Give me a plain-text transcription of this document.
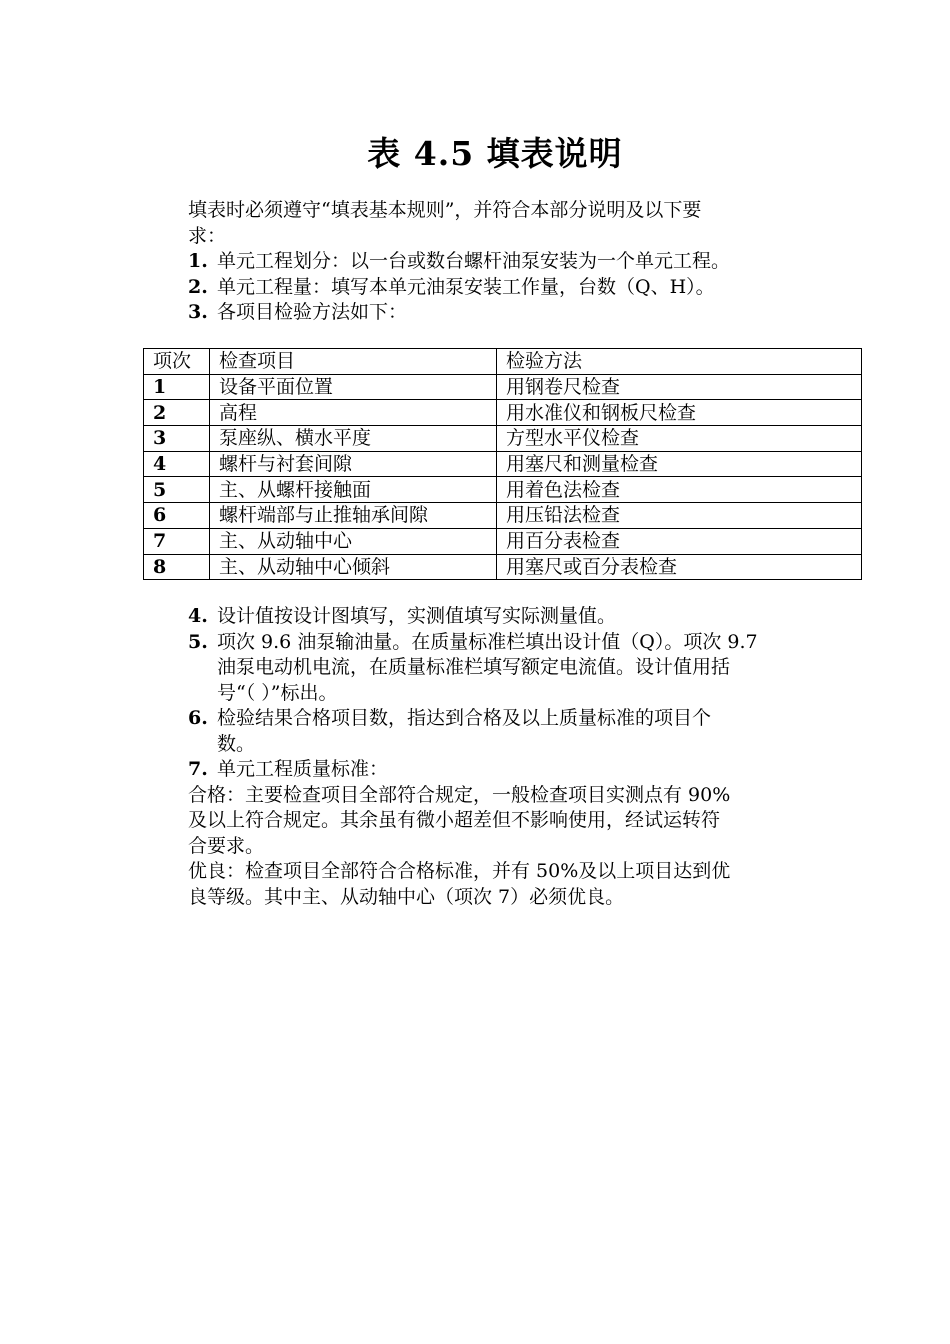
表 4.5 填表说明
填表时必须遵守“填表基本规则”，并符合本部分说明及以下要
求：
1. 单元工程划分：以一台或数台螺杆油泵安装为一个单元工程。
2. 单元工程量：填写本单元油泵安装工作量，台数（Q、H）。
3. 各项目检验方法如下：
项次	检查项目	检验方法
1	设备平面位置	用钢卷尺检查
2	高程	用水准仪和钢板尺检查
3	泵座纵、横水平度	方型水平仪检查
4	螺杆与衬套间隙	用塞尺和测量检查
5	主、从螺杆接触面	用着色法检查
6	螺杆端部与止推轴承间隙	用压铅法检查
7	主、从动轴中心	用百分表检查
8	主、从动轴中心倾斜	用塞尺或百分表检查
4. 设计值按设计图填写，实测值填写实际测量值。
5. 项次 9.6 油泵输油量。在质量标准栏填出设计值（Q）。项次 9.7
油泵电动机电流，在质量标准栏填写额定电流值。设计值用括
号“（ ）”标出。
6. 检验结果合格项目数，指达到合格及以上质量标准的项目个
数。
7. 单元工程质量标准：
合格：主要检查项目全部符合规定，一般检查项目实测点有 90%
及以上符合规定。其余虽有微小超差但不影响使用，经试运转符
合要求。
优良：检查项目全部符合合格标准，并有 50%及以上项目达到优
良等级。其中主、从动轴中心（项次 7）必须优良。
